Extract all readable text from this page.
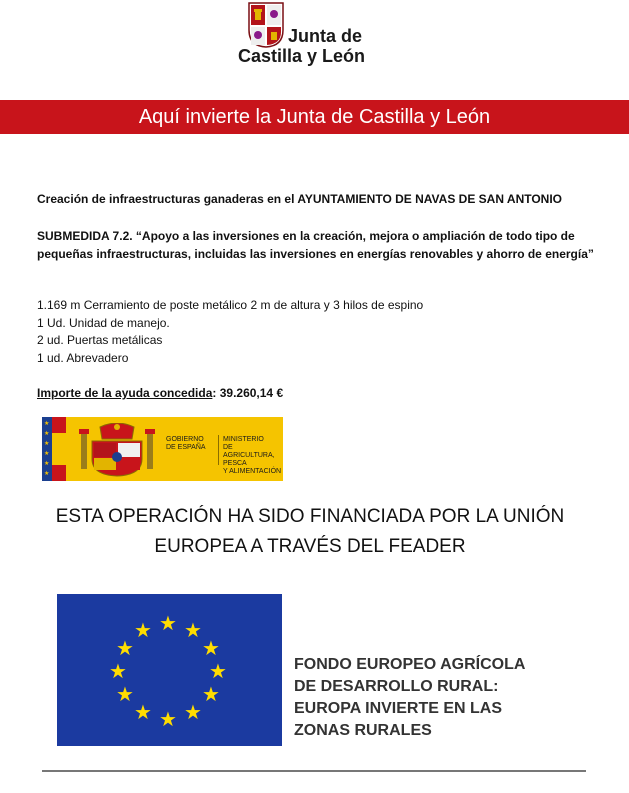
Junta de
Castilla y León
Aquí invierte la Junta de Castilla y León
Creación de infraestructuras ganaderas en el AYUNTAMIENTO DE NAVAS DE SAN ANTONIO
SUBMEDIDA 7.2. “Apoyo a las inversiones en la creación, mejora o ampliación de todo tipo de pequeñas infraestructuras, incluidas las inversiones en energías renovables y ahorro de energía”
1.169 m Cerramiento de poste metálico 2 m de altura y 3 hilos de espino
1 Ud. Unidad de manejo.
2 ud. Puertas metálicas
1 ud. Abrevadero
Importe de la ayuda concedida: 39.260,14 €
★
★
★
★
★
★
GOBIERNO
DE ESPAÑA
MINISTERIO
DE AGRICULTURA, PESCA
Y ALIMENTACIÓN
ESTA OPERACIÓN HA SIDO FINANCIADA POR LA UNIÓN
EUROPEA A TRAVÉS DEL FEADER
★ ★
★
★
★
★
★
★
★
★
★
★
FONDO EUROPEO AGRÍCOLA
DE DESARROLLO RURAL:
EUROPA INVIERTE EN LAS
ZONAS RURALES
